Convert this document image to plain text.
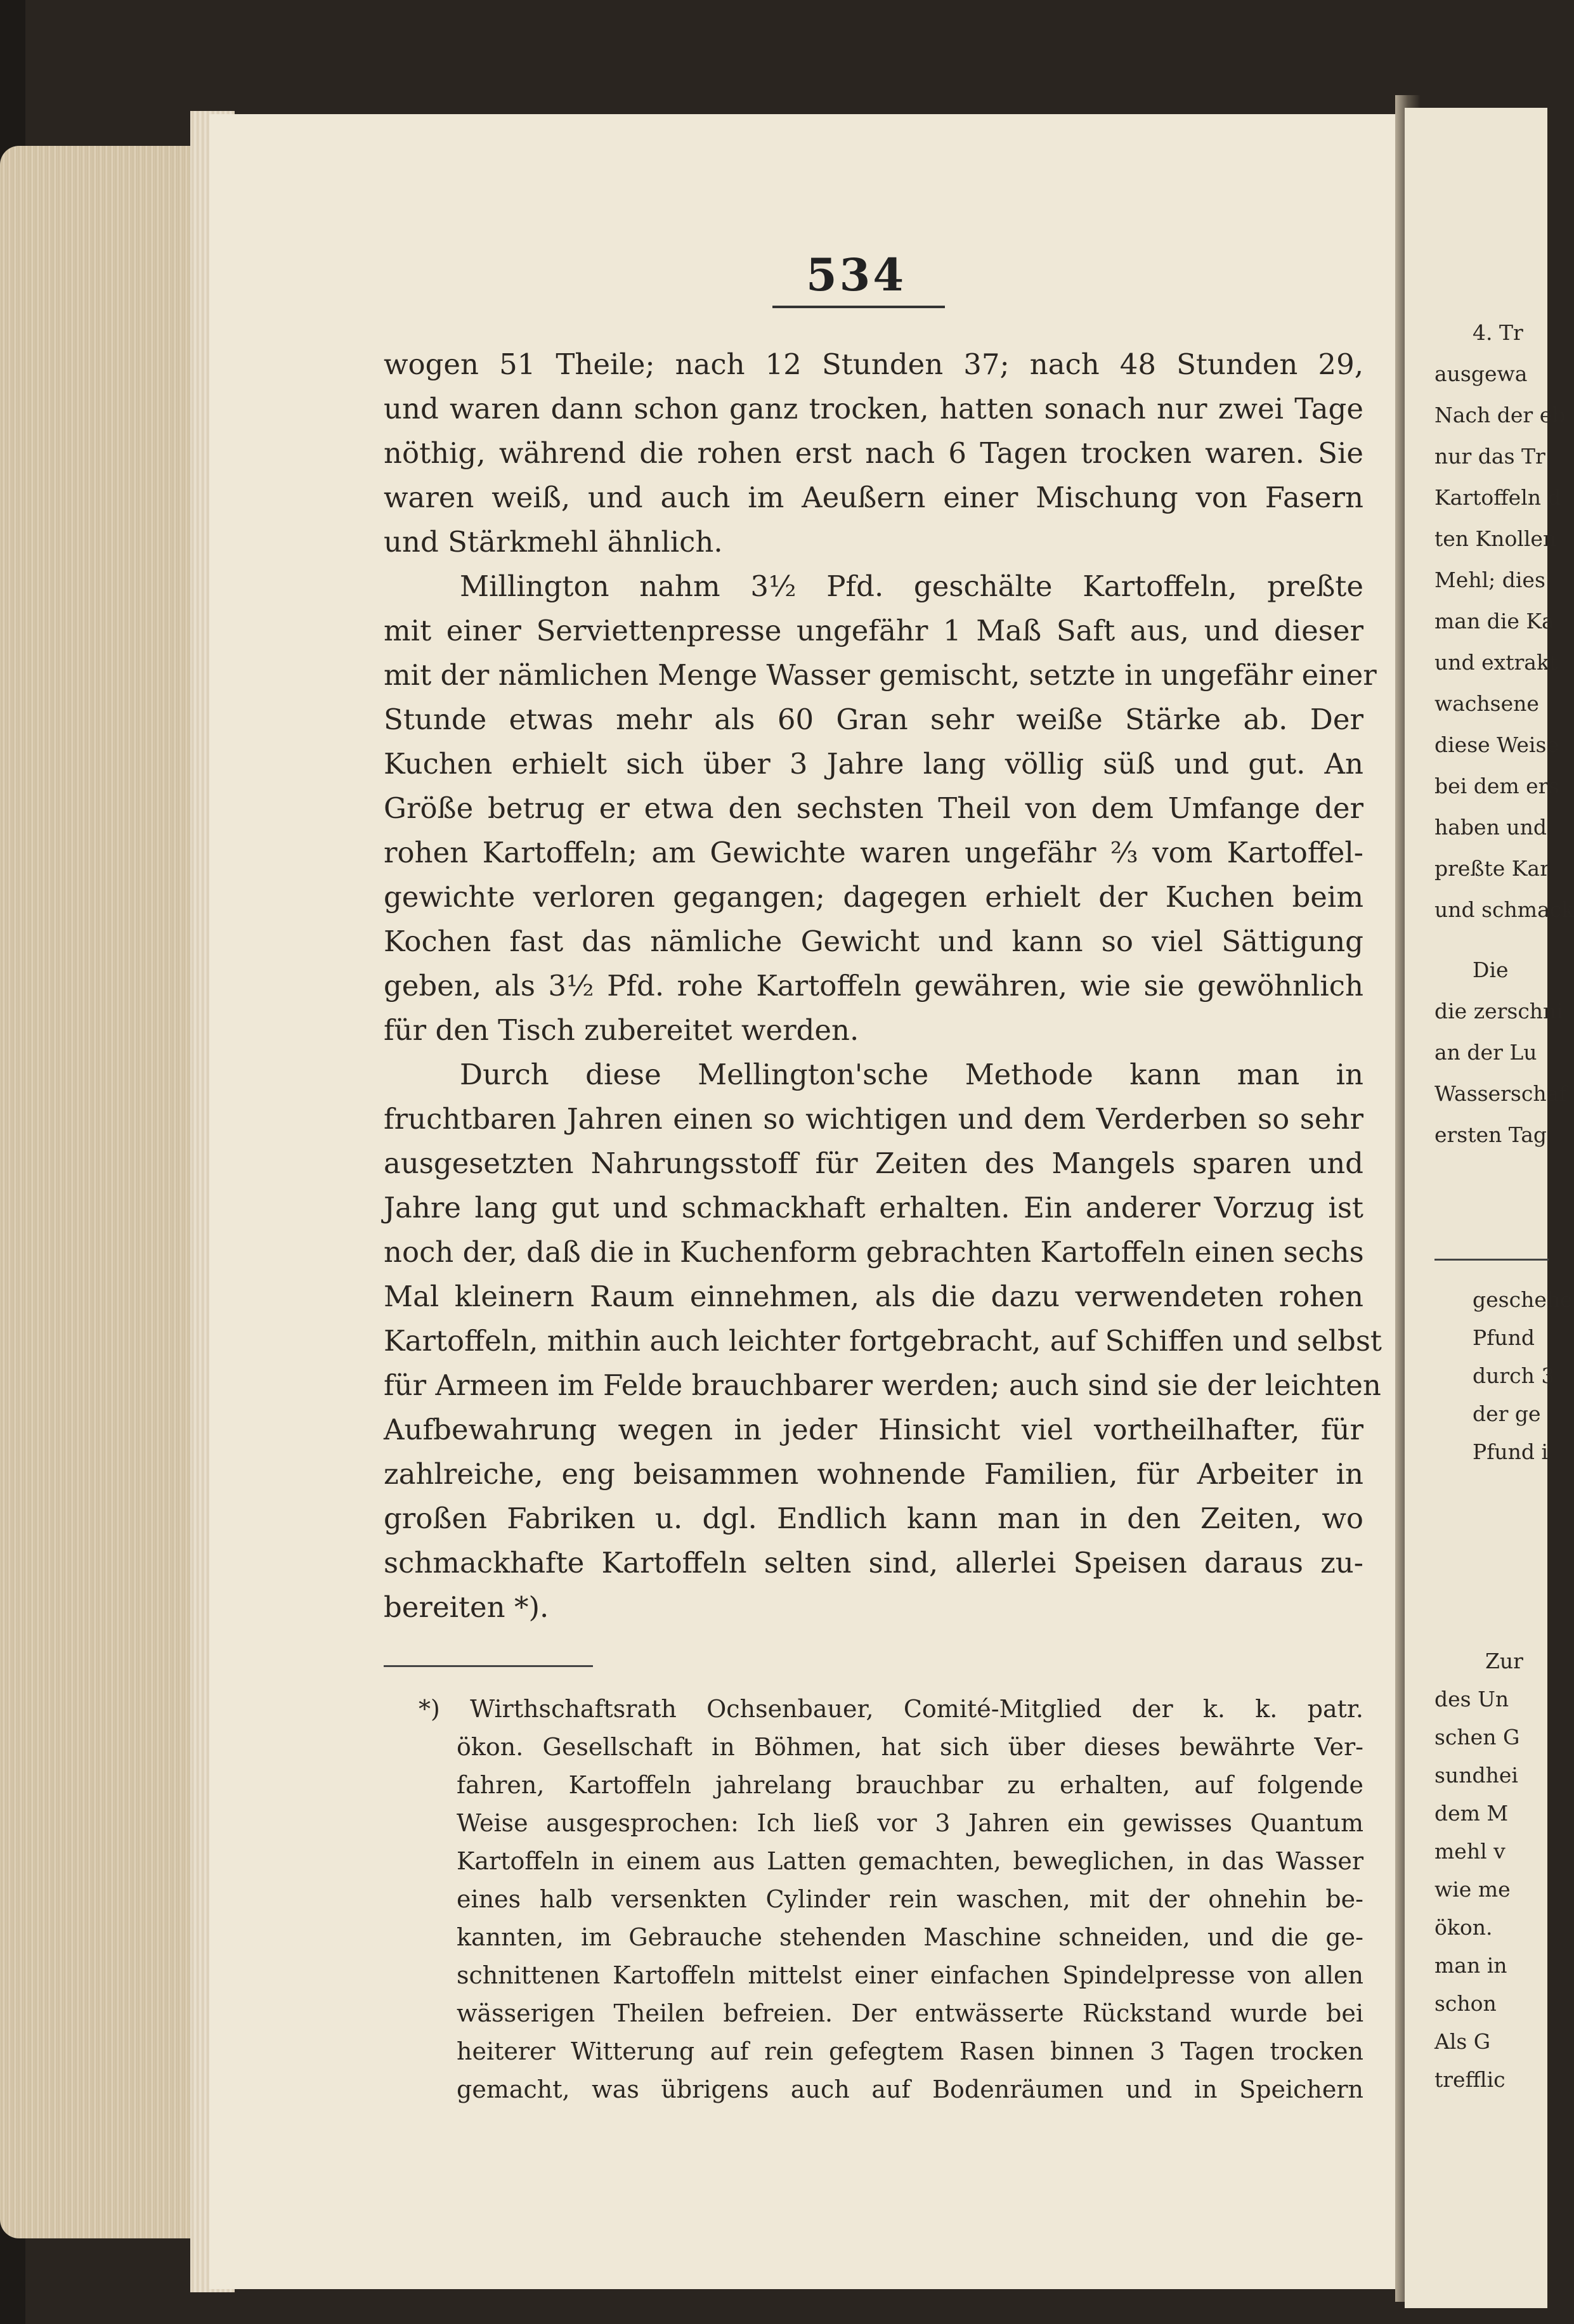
534
wogen 51 Theile; nach 12 Stunden 37; nach 48 Stunden 29,
und waren dann schon ganz trocken, hatten sonach nur zwei Tage
nöthig, während die rohen erst nach 6 Tagen trocken waren. Sie
waren weiß, und auch im Aeußern einer Mischung von Fasern
und Stärkmehl ähnlich.
Millington nahm 3½ Pfd. geschälte Kartoffeln, preßte
mit einer Serviettenpresse ungefähr 1 Maß Saft aus, und dieser
mit der nämlichen Menge Wasser gemischt, setzte in ungefähr einer
Stunde etwas mehr als 60 Gran sehr weiße Stärke ab. Der
Kuchen erhielt sich über 3 Jahre lang völlig süß und gut. An
Größe betrug er etwa den sechsten Theil von dem Umfange der
rohen Kartoffeln; am Gewichte waren ungefähr ⅔ vom Kartoffel-
gewichte verloren gegangen; dagegen erhielt der Kuchen beim
Kochen fast das nämliche Gewicht und kann so viel Sättigung
geben, als 3½ Pfd. rohe Kartoffeln gewähren, wie sie gewöhnlich
für den Tisch zubereitet werden.
Durch diese Mellington'sche Methode kann man in
fruchtbaren Jahren einen so wichtigen und dem Verderben so sehr
ausgesetzten Nahrungsstoff für Zeiten des Mangels sparen und
Jahre lang gut und schmackhaft erhalten. Ein anderer Vorzug ist
noch der, daß die in Kuchenform gebrachten Kartoffeln einen sechs
Mal kleinern Raum einnehmen, als die dazu verwendeten rohen
Kartoffeln, mithin auch leichter fortgebracht, auf Schiffen und selbst
für Armeen im Felde brauchbarer werden; auch sind sie der leichten
Aufbewahrung wegen in jeder Hinsicht viel vortheilhafter, für
zahlreiche, eng beisammen wohnende Familien, für Arbeiter in
großen Fabriken u. dgl. Endlich kann man in den Zeiten, wo
schmackhafte Kartoffeln selten sind, allerlei Speisen daraus zu-
bereiten *).
*) Wirthschaftsrath Ochsenbauer, Comité-Mitglied der k. k. patr.
ökon. Gesellschaft in Böhmen, hat sich über dieses bewährte Ver-
fahren, Kartoffeln jahrelang brauchbar zu erhalten, auf folgende
Weise ausgesprochen: Ich ließ vor 3 Jahren ein gewisses Quantum
Kartoffeln in einem aus Latten gemachten, beweglichen, in das Wasser
eines halb versenkten Cylinder rein waschen, mit der ohnehin be-
kannten, im Gebrauche stehenden Maschine schneiden, und die ge-
schnittenen Kartoffeln mittelst einer einfachen Spindelpresse von allen
wässerigen Theilen befreien. Der entwässerte Rückstand wurde bei
heiterer Witterung auf rein gefegtem Rasen binnen 3 Tagen trocken
gemacht, was übrigens auch auf Bodenräumen und in Speichern
4. Tr
ausgewa
Nach der eb
nur das Tr
Kartoffeln d
ten Knollen
Mehl; dies
man die Ka
und extrakt
wachsene
diese Weise
bei dem ers
haben und
preßte Kar
und schmack
Die
die zerschni
an der Lu
Wasserschaf
ersten Tag
geschehe
Pfund
durch 3
der ge
Pfund i
Zur
des Un
schen G
sundhei
dem M
mehl v
wie me
ökon.
man in
schon
Als G
trefflic
